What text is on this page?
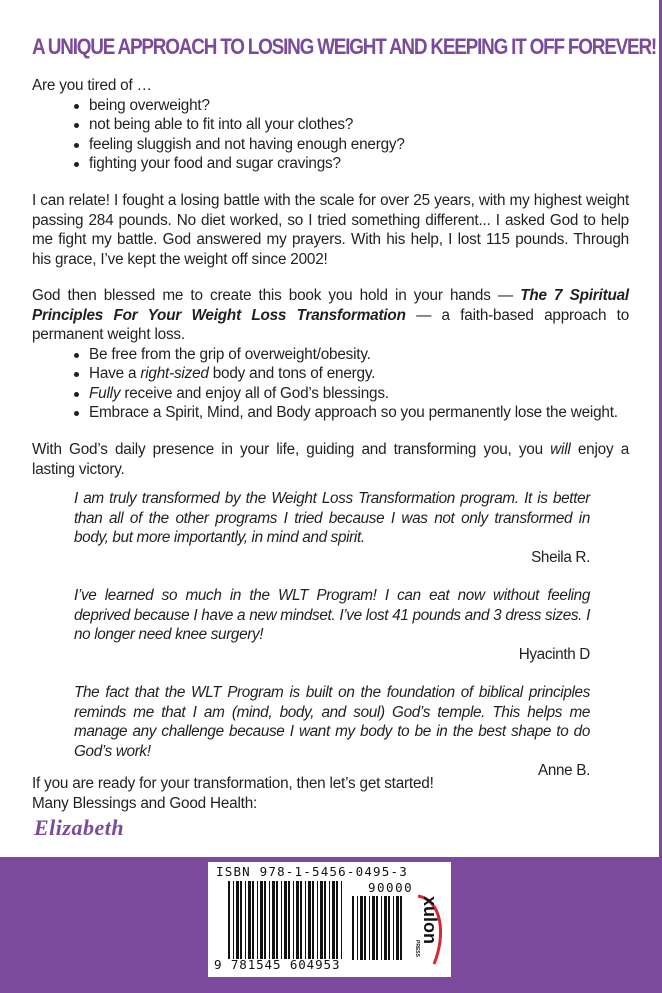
A UNIQUE APPROACH TO LOSING WEIGHT AND KEEPING IT OFF FOREVER!

Are you tired of …

being overweight?
not being able to fit into all your clothes?
feeling sluggish and not having enough energy?
fighting your food and sugar cravings?

I can relate! I fought a losing battle with the scale for over 25 years, with my highest weight passing 284 pounds. No diet worked, so I tried something different... I asked God to help me fight my battle. God answered my prayers. With his help, I lost 115 pounds. Through his grace, I’ve kept the weight off since 2002!

God then blessed me to create this book you hold in your hands — The 7 Spiritual Principles For Your Weight Loss Transformation — a faith-based approach to permanent weight loss.

Be free from the grip of overweight/obesity.
Have a right-sized body and tons of energy.
Fully receive and enjoy all of God’s blessings.
Embrace a Spirit, Mind, and Body approach so you permanently lose the weight.

With God’s daily presence in your life, guiding and transforming you, you will enjoy a lasting victory.

I am truly transformed by the Weight Loss Transformation program. It is better than all of the other programs I tried because I was not only transformed in body, but more importantly, in mind and spirit.
Sheila R.
I’ve learned so much in the WLT Program! I can eat now without feeling deprived because I have a new mindset. I’ve lost 41 pounds and 3 dress sizes. I no longer need knee surgery!
Hyacinth D
The fact that the WLT Program is built on the foundation of biblical principles reminds me that I am (mind, body, and soul) God’s temple. This helps me manage any challenge because I want my body to be in the best shape to do God’s work!
Anne B.

If you are ready for your transformation, then let’s get started!

Many Blessings and Good Health:

Elizabeth
ISBN 978-1-5456-0495-3
90000
9 781545 604953
xulon
PRESS
